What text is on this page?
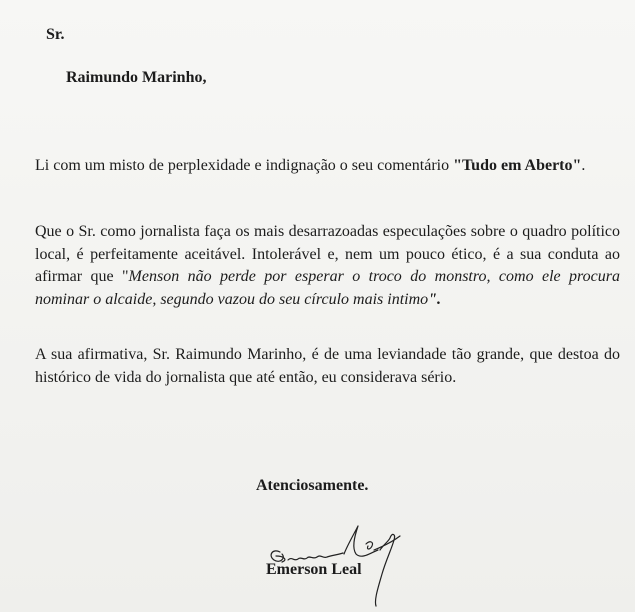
Sr.
Raimundo Marinho,

Li com um misto de perplexidade e indignação o seu comentário "Tudo em Aberto".

Que o Sr. como jornalista faça os mais desarrazoadas especulações sobre o quadro político local, é perfeitamente aceitável. Intolerável e, nem um pouco ético, é a sua conduta ao afirmar que "Menson não perde por esperar o troco do monstro, como ele procura nominar o alcaide, segundo vazou do seu círculo mais intimo".

A sua afirmativa, Sr. Raimundo Marinho, é de uma leviandade tão grande, que destoa do histórico de vida do jornalista que até então, eu considerava sério.

Atenciosamente.
Emerson Leal
